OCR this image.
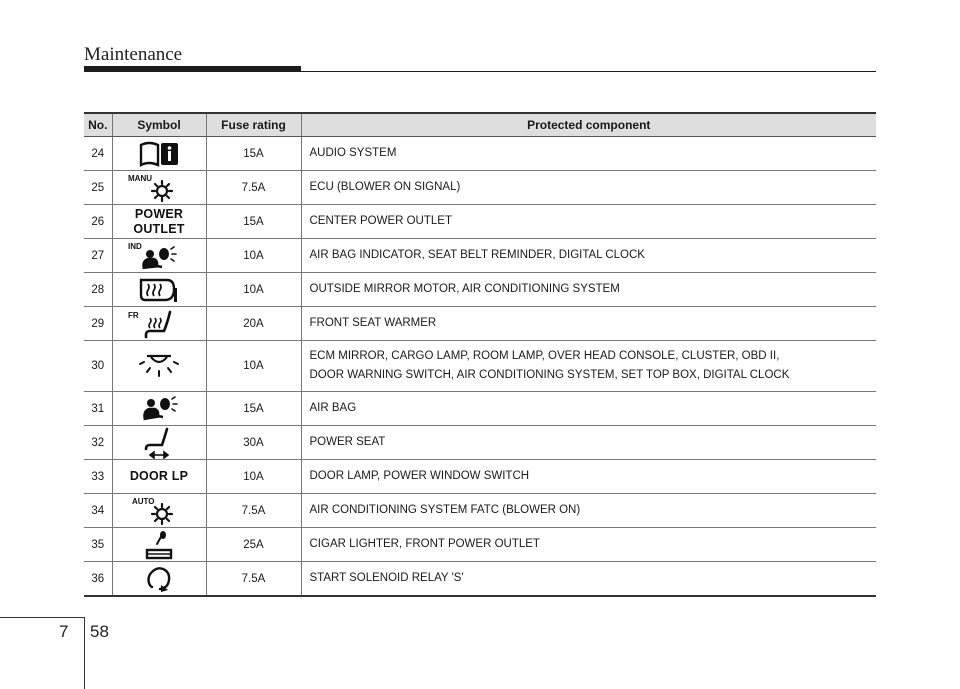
Maintenance
No.	Symbol	Fuse rating	Protected component
24		15A	AUDIO SYSTEM

25	MANU	7.5A	ECU (BLOWER ON SIGNAL)

26	POWER
OUTLET	15A	CENTER POWER OUTLET

27	IND	10A	AIR BAG INDICATOR, SEAT BELT REMINDER, DIGITAL CLOCK

28		10A	OUTSIDE MIRROR MOTOR, AIR CONDITIONING SYSTEM

29	FR	20A	FRONT SEAT WARMER

30		10A	ECM MIRROR, CARGO LAMP, ROOM LAMP, OVER HEAD CONSOLE, CLUSTER, OBD II,
DOOR WARNING SWITCH, AIR CONDITIONING SYSTEM, SET TOP BOX, DIGITAL CLOCK

31		15A	AIR BAG

32		30A	POWER SEAT

33	DOOR LP	10A	DOOR LAMP, POWER WINDOW SWITCH

34	AUTO	7.5A	AIR CONDITIONING SYSTEM FATC (BLOWER ON)

35		25A	CIGAR LIGHTER, FRONT POWER OUTLET

36		7.5A	START SOLENOID RELAY 'S'
7 58
